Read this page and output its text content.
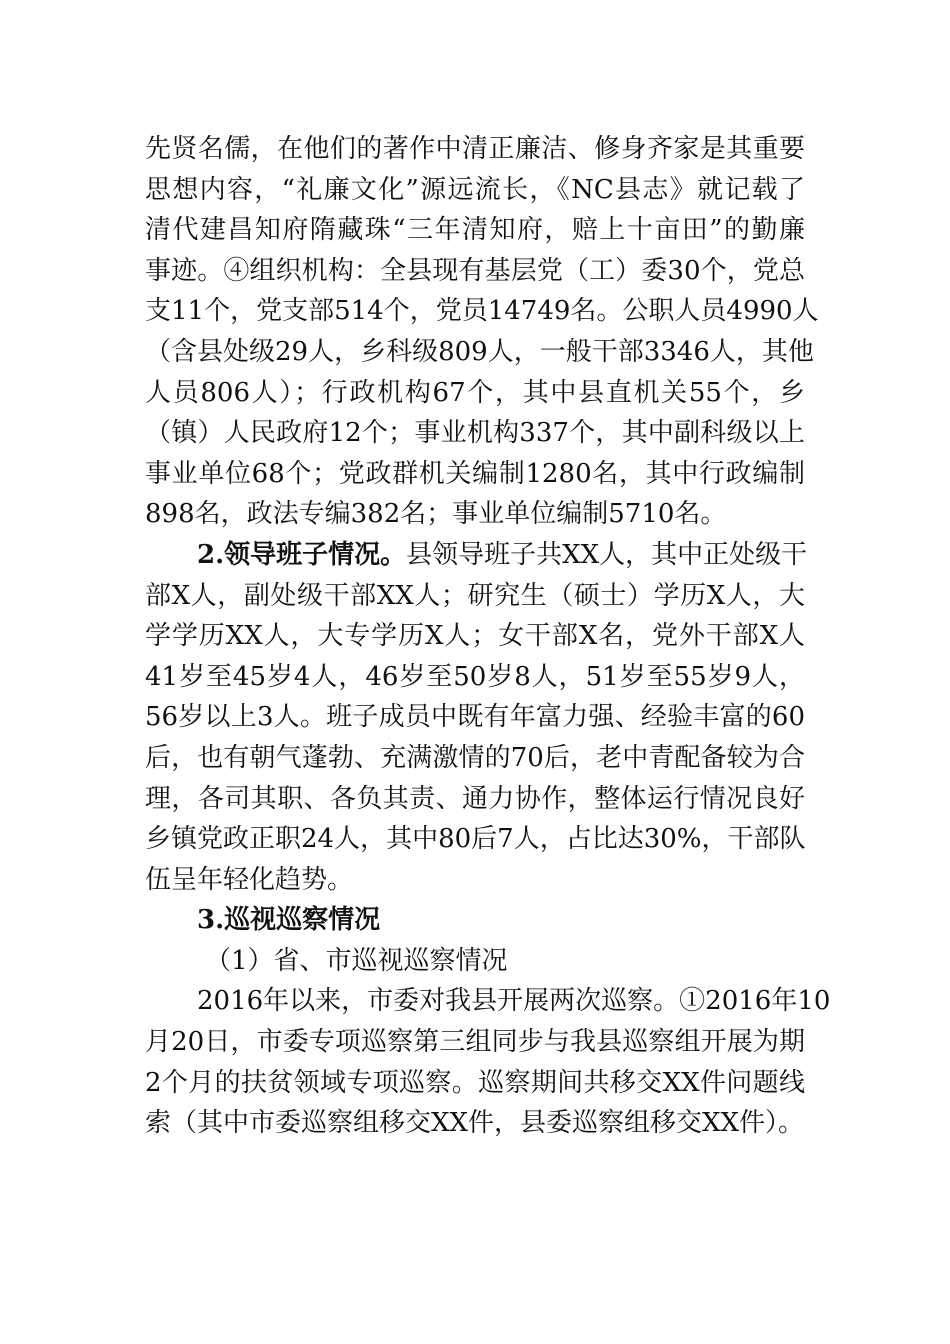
先贤名儒，在他们的著作中清正廉洁、修身齐家是其重要
思想内容，“礼廉文化”源远流长，《NC县志》就记载了
清代建昌知府隋藏珠“三年清知府，赔上十亩田”的勤廉
事迹。④组织机构：全县现有基层党（工）委30个，党总
支11个，党支部514个，党员14749名。公职人员4990人
（含县处级29人，乡科级809人，一般干部3346人，其他
人员806人）；行政机构67个，其中县直机关55个，乡
（镇）人民政府12个；事业机构337个，其中副科级以上
事业单位68个；党政群机关编制1280名，其中行政编制
898名，政法专编382名；事业单位编制5710名。
2.领导班子情况。县领导班子共XX人，其中正处级干
部X人，副处级干部XX人；研究生（硕士）学历X人，大
学学历XX人，大专学历X人；女干部X名，党外干部X人
41岁至45岁4人，46岁至50岁8人，51岁至55岁9人，
56岁以上3人。班子成员中既有年富力强、经验丰富的60
后，也有朝气蓬勃、充满激情的70后，老中青配备较为合
理，各司其职、各负其责、通力协作，整体运行情况良好
乡镇党政正职24人，其中80后7人，占比达30%，干部队
伍呈年轻化趋势。
3.巡视巡察情况
（1）省、市巡视巡察情况
2016年以来，市委对我县开展两次巡察。①2016年10
月20日，市委专项巡察第三组同步与我县巡察组开展为期
2个月的扶贫领域专项巡察。巡察期间共移交XX件问题线
索（其中市委巡察组移交XX件，县委巡察组移交XX件）。
